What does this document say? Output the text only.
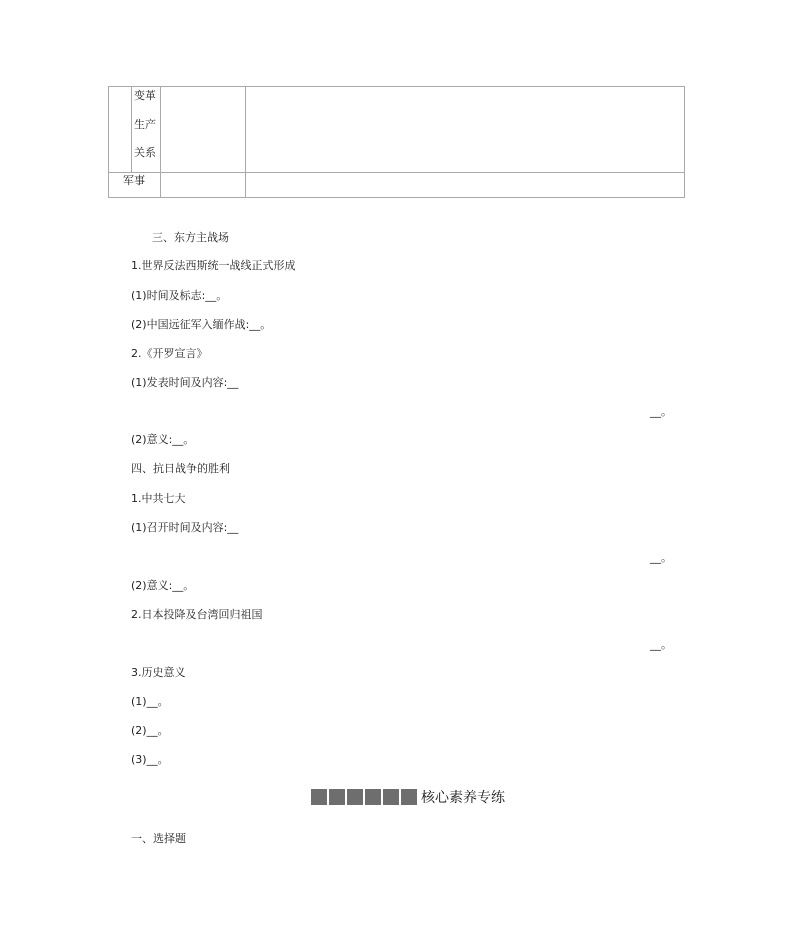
变革
生产
关系
军事
三、东方主战场
1.世界反法西斯统一战线正式形成
(1)时间及标志:__。
(2)中国远征军入缅作战:__。
2.《开罗宣言》
(1)发表时间及内容:__
__。
(2)意义:__。
四、抗日战争的胜利
1.中共七大
(1)召开时间及内容:__
__。
(2)意义:__。
2.日本投降及台湾回归祖国
__。
3.历史意义
(1)__。
(2)__。
(3)__。
核心素养专练
一、选择题
